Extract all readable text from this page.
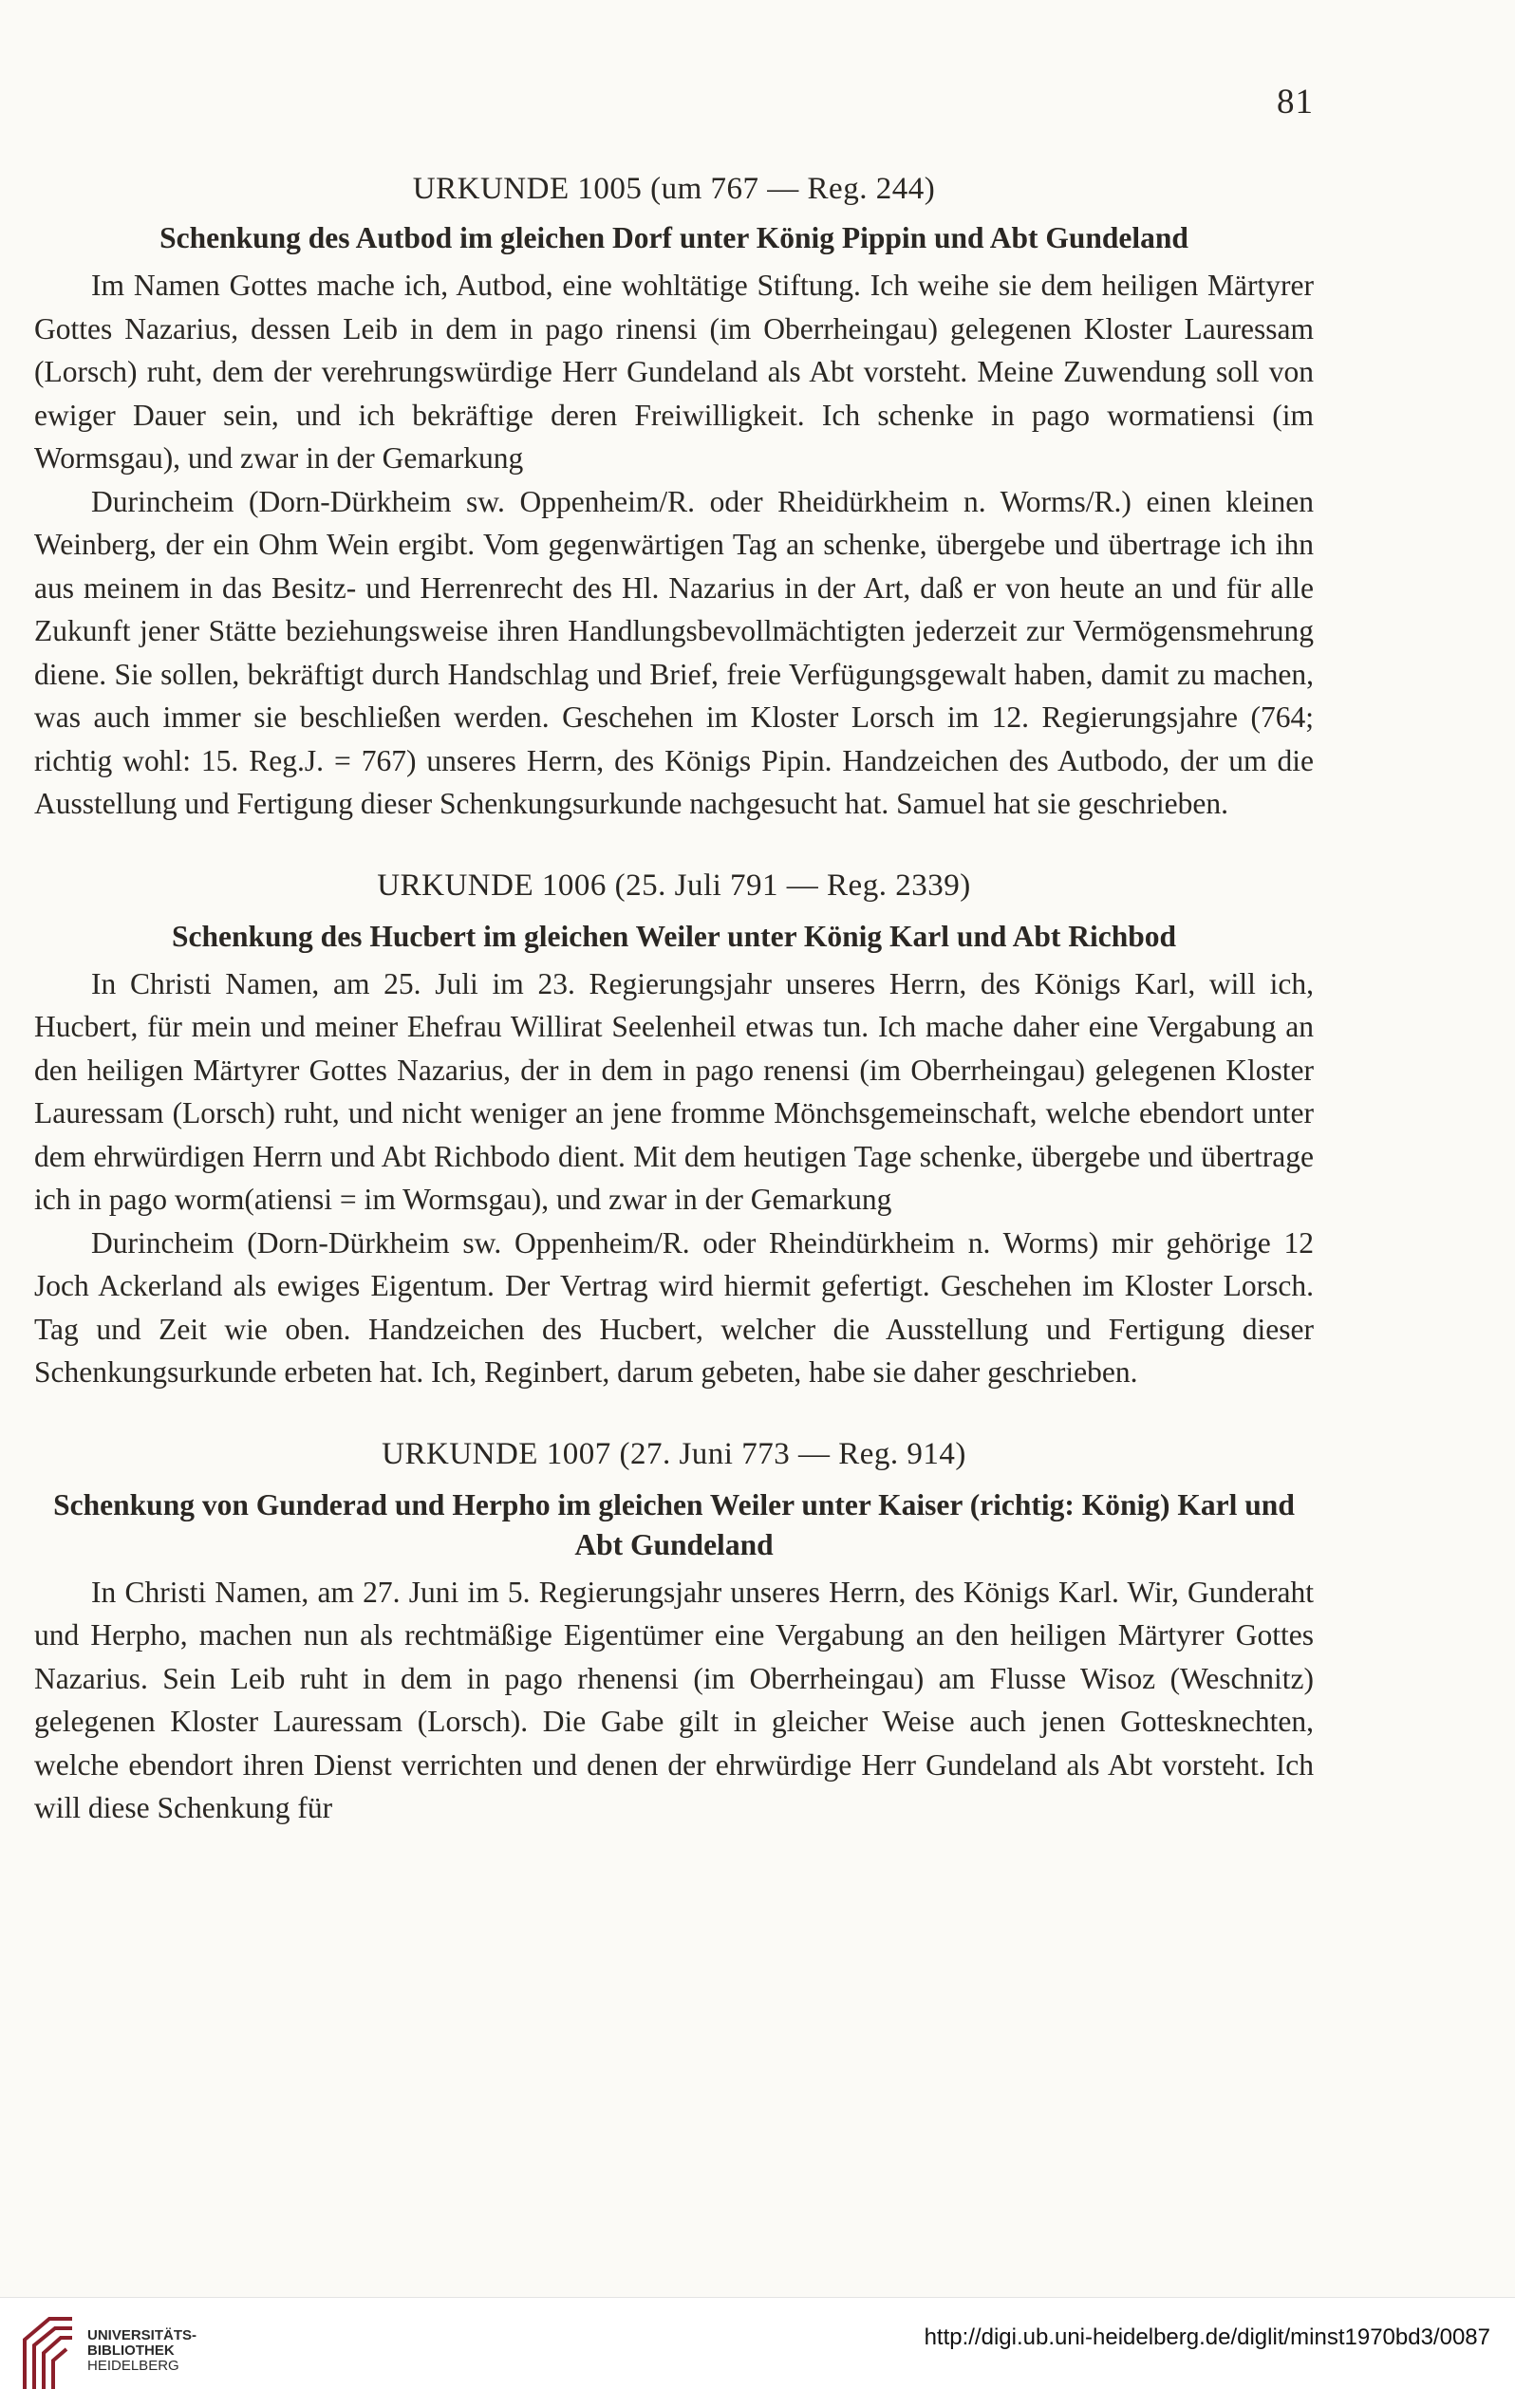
81
URKUNDE 1005 (um 767 — Reg. 244)
Schenkung des Autbod im gleichen Dorf unter König Pippin und Abt Gundeland

Im Namen Gottes mache ich, Autbod, eine wohltätige Stiftung. Ich weihe sie dem heiligen Märtyrer Gottes Nazarius, dessen Leib in dem in pago rinensi (im Oberrheingau) gelegenen Kloster Lauressam (Lorsch) ruht, dem der verehrungswürdige Herr Gundeland als Abt vorsteht. Meine Zuwendung soll von ewiger Dauer sein, und ich bekräftige deren Freiwilligkeit. Ich schenke in pago wormatiensi (im Wormsgau), und zwar in der Gemarkung

Durincheim (Dorn-Dürkheim sw. Oppenheim/R. oder Rheidürkheim n. Worms/R.) einen kleinen Weinberg, der ein Ohm Wein ergibt. Vom gegenwärtigen Tag an schenke, übergebe und übertrage ich ihn aus meinem in das Besitz- und Herrenrecht des Hl. Nazarius in der Art, daß er von heute an und für alle Zukunft jener Stätte beziehungsweise ihren Handlungsbevollmächtigten jederzeit zur Vermögensmehrung diene. Sie sollen, bekräftigt durch Handschlag und Brief, freie Verfügungsgewalt haben, damit zu machen, was auch immer sie beschließen werden. Geschehen im Kloster Lorsch im 12. Regierungsjahre (764; richtig wohl: 15. Reg.J. = 767) unseres Herrn, des Königs Pipin. Handzeichen des Autbodo, der um die Ausstellung und Fertigung dieser Schenkungsurkunde nachgesucht hat. Samuel hat sie geschrieben.

URKUNDE 1006 (25. Juli 791 — Reg. 2339)
Schenkung des Hucbert im gleichen Weiler unter König Karl und Abt Richbod

In Christi Namen, am 25. Juli im 23. Regierungsjahr unseres Herrn, des Königs Karl, will ich, Hucbert, für mein und meiner Ehefrau Willirat Seelenheil etwas tun. Ich mache daher eine Vergabung an den heiligen Märtyrer Gottes Nazarius, der in dem in pago renensi (im Oberrheingau) gelegenen Kloster Lauressam (Lorsch) ruht, und nicht weniger an jene fromme Mönchsgemeinschaft, welche ebendort unter dem ehrwürdigen Herrn und Abt Richbodo dient. Mit dem heutigen Tage schenke, übergebe und übertrage ich in pago worm(atiensi = im Wormsgau), und zwar in der Gemarkung

Durincheim (Dorn-Dürkheim sw. Oppenheim/R. oder Rheindürkheim n. Worms) mir gehörige 12 Joch Ackerland als ewiges Eigentum. Der Vertrag wird hiermit gefertigt. Geschehen im Kloster Lorsch. Tag und Zeit wie oben. Handzeichen des Hucbert, welcher die Ausstellung und Fertigung dieser Schenkungsurkunde erbeten hat. Ich, Reginbert, darum gebeten, habe sie daher geschrieben.

URKUNDE 1007 (27. Juni 773 — Reg. 914)
Schenkung von Gunderad und Herpho im gleichen Weiler unter Kaiser (richtig: König) Karl und Abt Gundeland

In Christi Namen, am 27. Juni im 5. Regierungsjahr unseres Herrn, des Königs Karl. Wir, Gunderaht und Herpho, machen nun als rechtmäßige Eigentümer eine Vergabung an den heiligen Märtyrer Gottes Nazarius. Sein Leib ruht in dem in pago rhenensi (im Oberrheingau) am Flusse Wisoz (Weschnitz) gelegenen Kloster Lauressam (Lorsch). Die Gabe gilt in gleicher Weise auch jenen Gottesknechten, welche ebendort ihren Dienst verrichten und denen der ehrwürdige Herr Gundeland als Abt vorsteht. Ich will diese Schenkung für

UNIVERSITÄTS-
BIBLIOTHEK
HEIDELBERG
http://digi.ub.uni-heidelberg.de/diglit/minst1970bd3/0087
